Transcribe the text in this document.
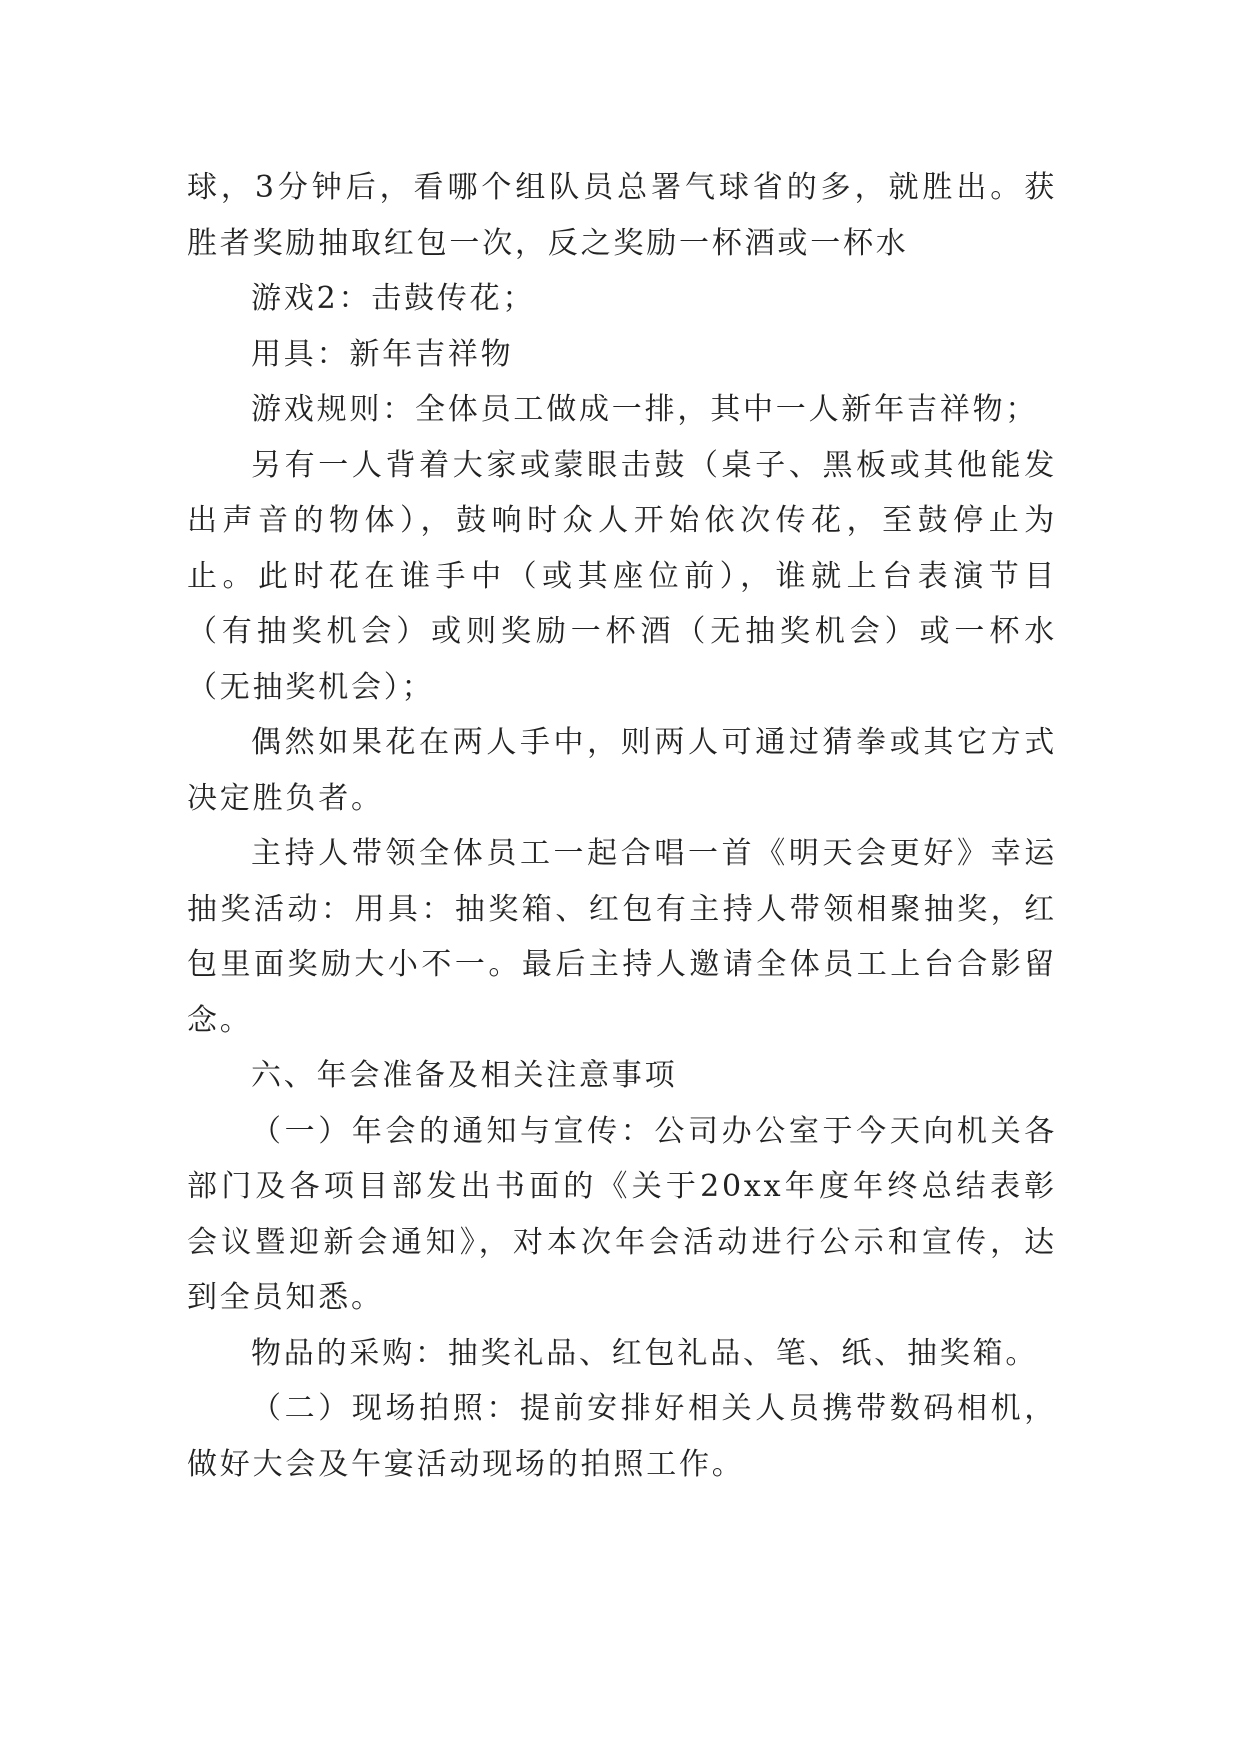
球，3分钟后，看哪个组队员总署气球省的多，就胜出。获胜者奖励抽取红包一次，反之奖励一杯酒或一杯水

游戏2：击鼓传花；

用具：新年吉祥物

游戏规则：全体员工做成一排，其中一人新年吉祥物；

另有一人背着大家或蒙眼击鼓（桌子、黑板或其他能发出声音的物体），鼓响时众人开始依次传花，至鼓停止为止。此时花在谁手中（或其座位前），谁就上台表演节目（有抽奖机会）或则奖励一杯酒（无抽奖机会）或一杯水（无抽奖机会）；

偶然如果花在两人手中，则两人可通过猜拳或其它方式决定胜负者。

主持人带领全体员工一起合唱一首《明天会更好》幸运抽奖活动：用具：抽奖箱、红包有主持人带领相聚抽奖，红包里面奖励大小不一。最后主持人邀请全体员工上台合影留念。

六、年会准备及相关注意事项

（一）年会的通知与宣传：公司办公室于今天向机关各部门及各项目部发出书面的《关于20xx年度年终总结表彰会议暨迎新会通知》，对本次年会活动进行公示和宣传，达到全员知悉。

物品的采购：抽奖礼品、红包礼品、笔、纸、抽奖箱。

（二）现场拍照：提前安排好相关人员携带数码相机，做好大会及午宴活动现场的拍照工作。
